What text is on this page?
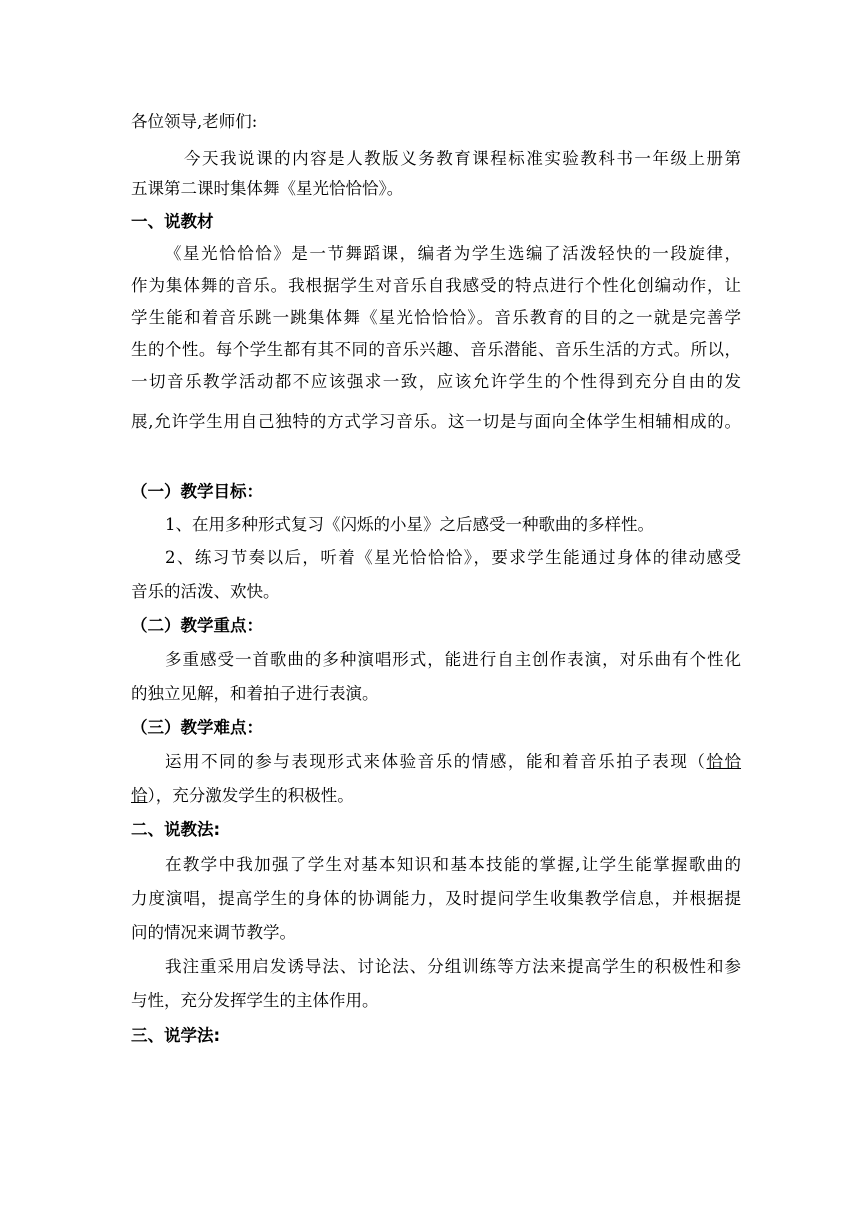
各位领导,老师们:
今天我说课的内容是人教版义务教育课程标准实验教科书一年级上册第
五课第二课时集体舞《星光恰恰恰》。
一、说教材
《星光恰恰恰》是一节舞蹈课，编者为学生选编了活泼轻快的一段旋律，
作为集体舞的音乐。我根据学生对音乐自我感受的特点进行个性化创编动作，让
学生能和着音乐跳一跳集体舞《星光恰恰恰》。音乐教育的目的之一就是完善学
生的个性。每个学生都有其不同的音乐兴趣、音乐潜能、音乐生活的方式。所以，
一切音乐教学活动都不应该强求一致，应该允许学生的个性得到充分自由的发
展,允许学生用自己独特的方式学习音乐。这一切是与面向全体学生相辅相成的。
（一）教学目标：
1、在用多种形式复习《闪烁的小星》之后感受一种歌曲的多样性。
2、练习节奏以后，听着《星光恰恰恰》，要求学生能通过身体的律动感受
音乐的活泼、欢快。
（二）教学重点：
多重感受一首歌曲的多种演唱形式，能进行自主创作表演，对乐曲有个性化
的独立见解，和着拍子进行表演。
（三）教学难点：
运用不同的参与表现形式来体验音乐的情感，能和着音乐拍子表现（恰恰
恰），充分激发学生的积极性。
二、说教法:
在教学中我加强了学生对基本知识和基本技能的掌握,让学生能掌握歌曲的
力度演唱，提高学生的身体的协调能力，及时提问学生收集教学信息，并根据提
问的情况来调节教学。
我注重采用启发诱导法、讨论法、分组训练等方法来提高学生的积极性和参
与性，充分发挥学生的主体作用。
三、说学法:
